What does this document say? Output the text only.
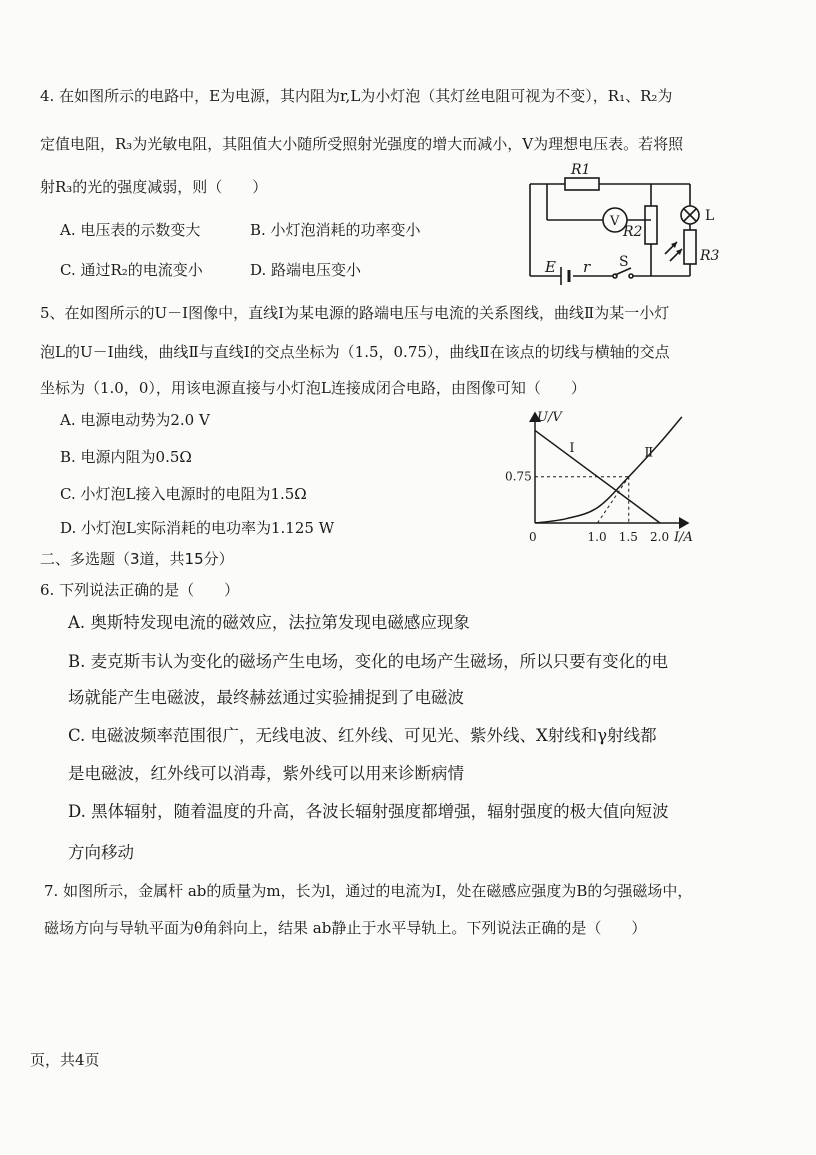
4. 在如图所示的电路中，E为电源，其内阻为r,L为小灯泡（其灯丝电阻可视为不变），R₁、R₂为
定值电阻，R₃为光敏电阻，其阻值大小随所受照射光强度的增大而减小，V为理想电压表。若将照
射R₃的光的强度减弱，则（　　）
A. 电压表的示数变大	B. 小灯泡消耗的功率变小
C. 通过R₂的电流变小	D. 路端电压变小
V
R1
R2
L
R3
E r S
5、在如图所示的U－I图像中，直线Ⅰ为某电源的路端电压与电流的关系图线，曲线Ⅱ为某一小灯
泡L的U－I曲线，曲线Ⅱ与直线Ⅰ的交点坐标为（1.5，0.75），曲线Ⅱ在该点的切线与横轴的交点
坐标为（1.0，0），用该电源直接与小灯泡L连接成闭合电路，由图像可知（　　）
A. 电源电动势为2.0 V
B. 电源内阻为0.5Ω
C. 小灯泡L接入电源时的电阻为1.5Ω
D. 小灯泡L实际消耗的电功率为1.125 W
Ⅰ	Ⅱ
0.75
1.0 1.5 2.0
U/V
I/A
0
二、多选题（3道，共15分）
6. 下列说法正确的是（　　）
A. 奥斯特发现电流的磁效应，法拉第发现电磁感应现象
B. 麦克斯韦认为变化的磁场产生电场，变化的电场产生磁场，所以只要有变化的电
场就能产生电磁波，最终赫兹通过实验捕捉到了电磁波
C. 电磁波频率范围很广，无线电波、红外线、可见光、紫外线、X射线和γ射线都
是电磁波，红外线可以消毒，紫外线可以用来诊断病情
D. 黑体辐射，随着温度的升高，各波长辐射强度都增强，辐射强度的极大值向短波
方向移动
7. 如图所示，金属杆 ab的质量为m，长为l，通过的电流为I，处在磁感应强度为B的匀强磁场中，
磁场方向与导轨平面为θ角斜向上，结果 ab静止于水平导轨上。下列说法正确的是（　　）
页，共4页
